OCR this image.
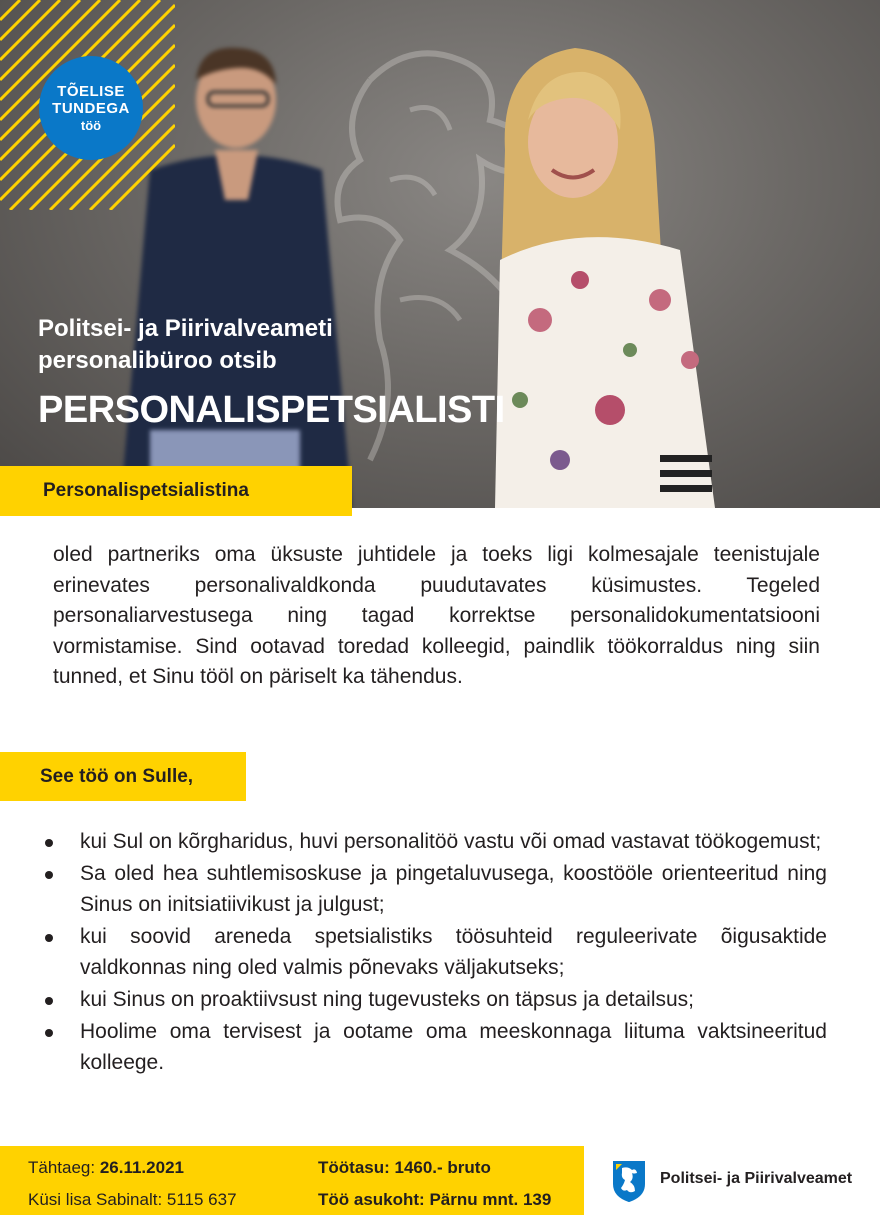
TÕELISE
TUNDEGA
töö
Politsei- ja Piirivalveameti personalibüroo otsib
PERSONALISPETSIALISTI
Personalispetsialistina
oled partneriks oma üksuste juhtidele ja toeks ligi kolmesajale teenistujale erinevates personalivaldkonda puudutavates küsimustes. Tegeled personaliarvestusega ning tagad korrektse personalidokumentatsiooni vormistamise. Sind ootavad toredad kolleegid, paindlik töökorraldus ning siin tunned, et Sinu tööl on päriselt ka tähendus.
See töö on Sulle,
kui Sul on kõrgharidus, huvi personalitöö vastu või omad vastavat töökogemust;
Sa oled hea suhtlemisoskuse ja pingetaluvusega, koostööle orienteeritud ning Sinus on initsiatiivikust ja julgust;
kui soovid areneda spetsialistiks töösuhteid reguleerivate õigusaktide valdkonnas ning oled valmis põnevaks väljakutseks;
kui Sinus on proaktiivsust ning tugevusteks on täpsus ja detailsus;
Hoolime oma tervisest ja ootame oma meeskonnaga liituma vaktsineeritud kolleege.
Tähtaeg: 26.11.2021
Küsi lisa Sabinalt: 5115 637
Töötasu: 1460.- bruto
Töö asukoht: Pärnu mnt. 139
Politsei- ja Piirivalveamet
